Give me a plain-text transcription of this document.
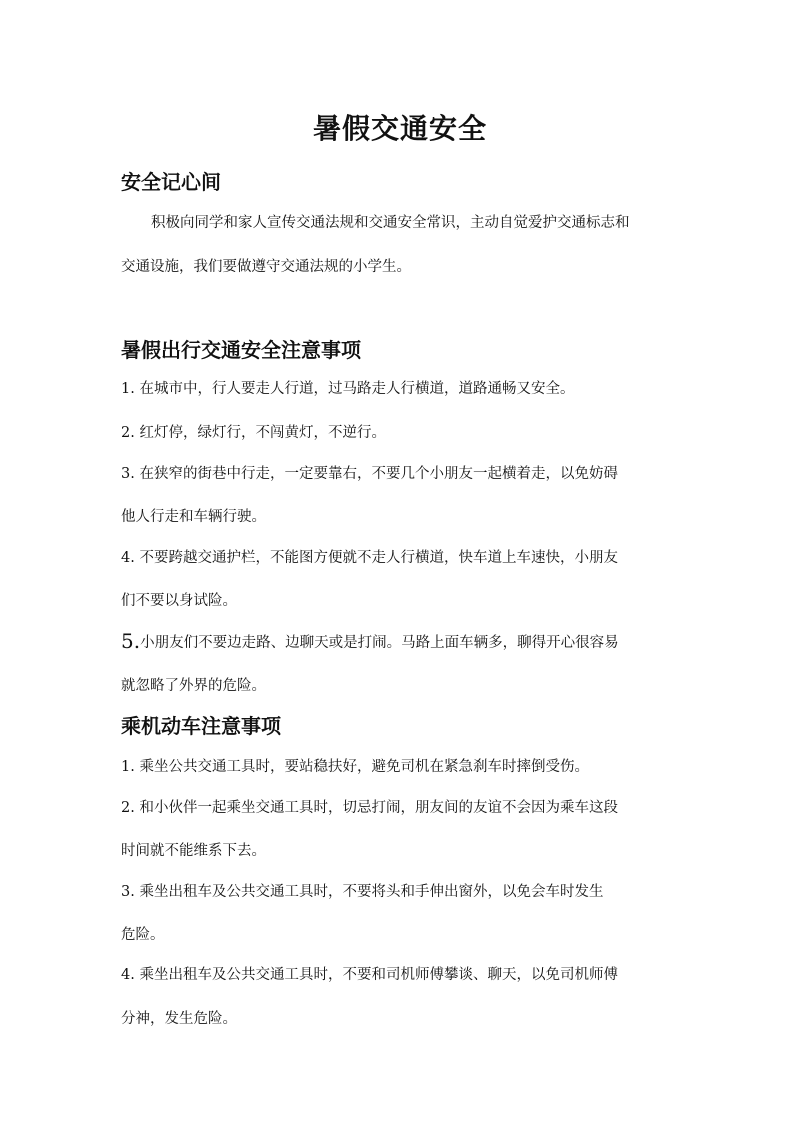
暑假交通安全
安全记心间
积极向同学和家人宣传交通法规和交通安全常识，主动自觉爱护交通标志和
交通设施，我们要做遵守交通法规的小学生。
暑假出行交通安全注意事项
1. 在城市中，行人要走人行道，过马路走人行横道，道路通畅又安全。
2. 红灯停，绿灯行，不闯黄灯，不逆行。
3. 在狭窄的街巷中行走，一定要靠右，不要几个小朋友一起横着走，以免妨碍
他人行走和车辆行驶。
4. 不要跨越交通护栏，不能图方便就不走人行横道，快车道上车速快，小朋友
们不要以身试险。
5.小朋友们不要边走路、边聊天或是打闹。马路上面车辆多，聊得开心很容易
就忽略了外界的危险。
乘机动车注意事项
1. 乘坐公共交通工具时，要站稳扶好，避免司机在紧急刹车时摔倒受伤。
2. 和小伙伴一起乘坐交通工具时，切忌打闹，朋友间的友谊不会因为乘车这段
时间就不能维系下去。
3. 乘坐出租车及公共交通工具时，不要将头和手伸出窗外，以免会车时发生
危险。
4. 乘坐出租车及公共交通工具时，不要和司机师傅攀谈、聊天，以免司机师傅
分神，发生危险。
